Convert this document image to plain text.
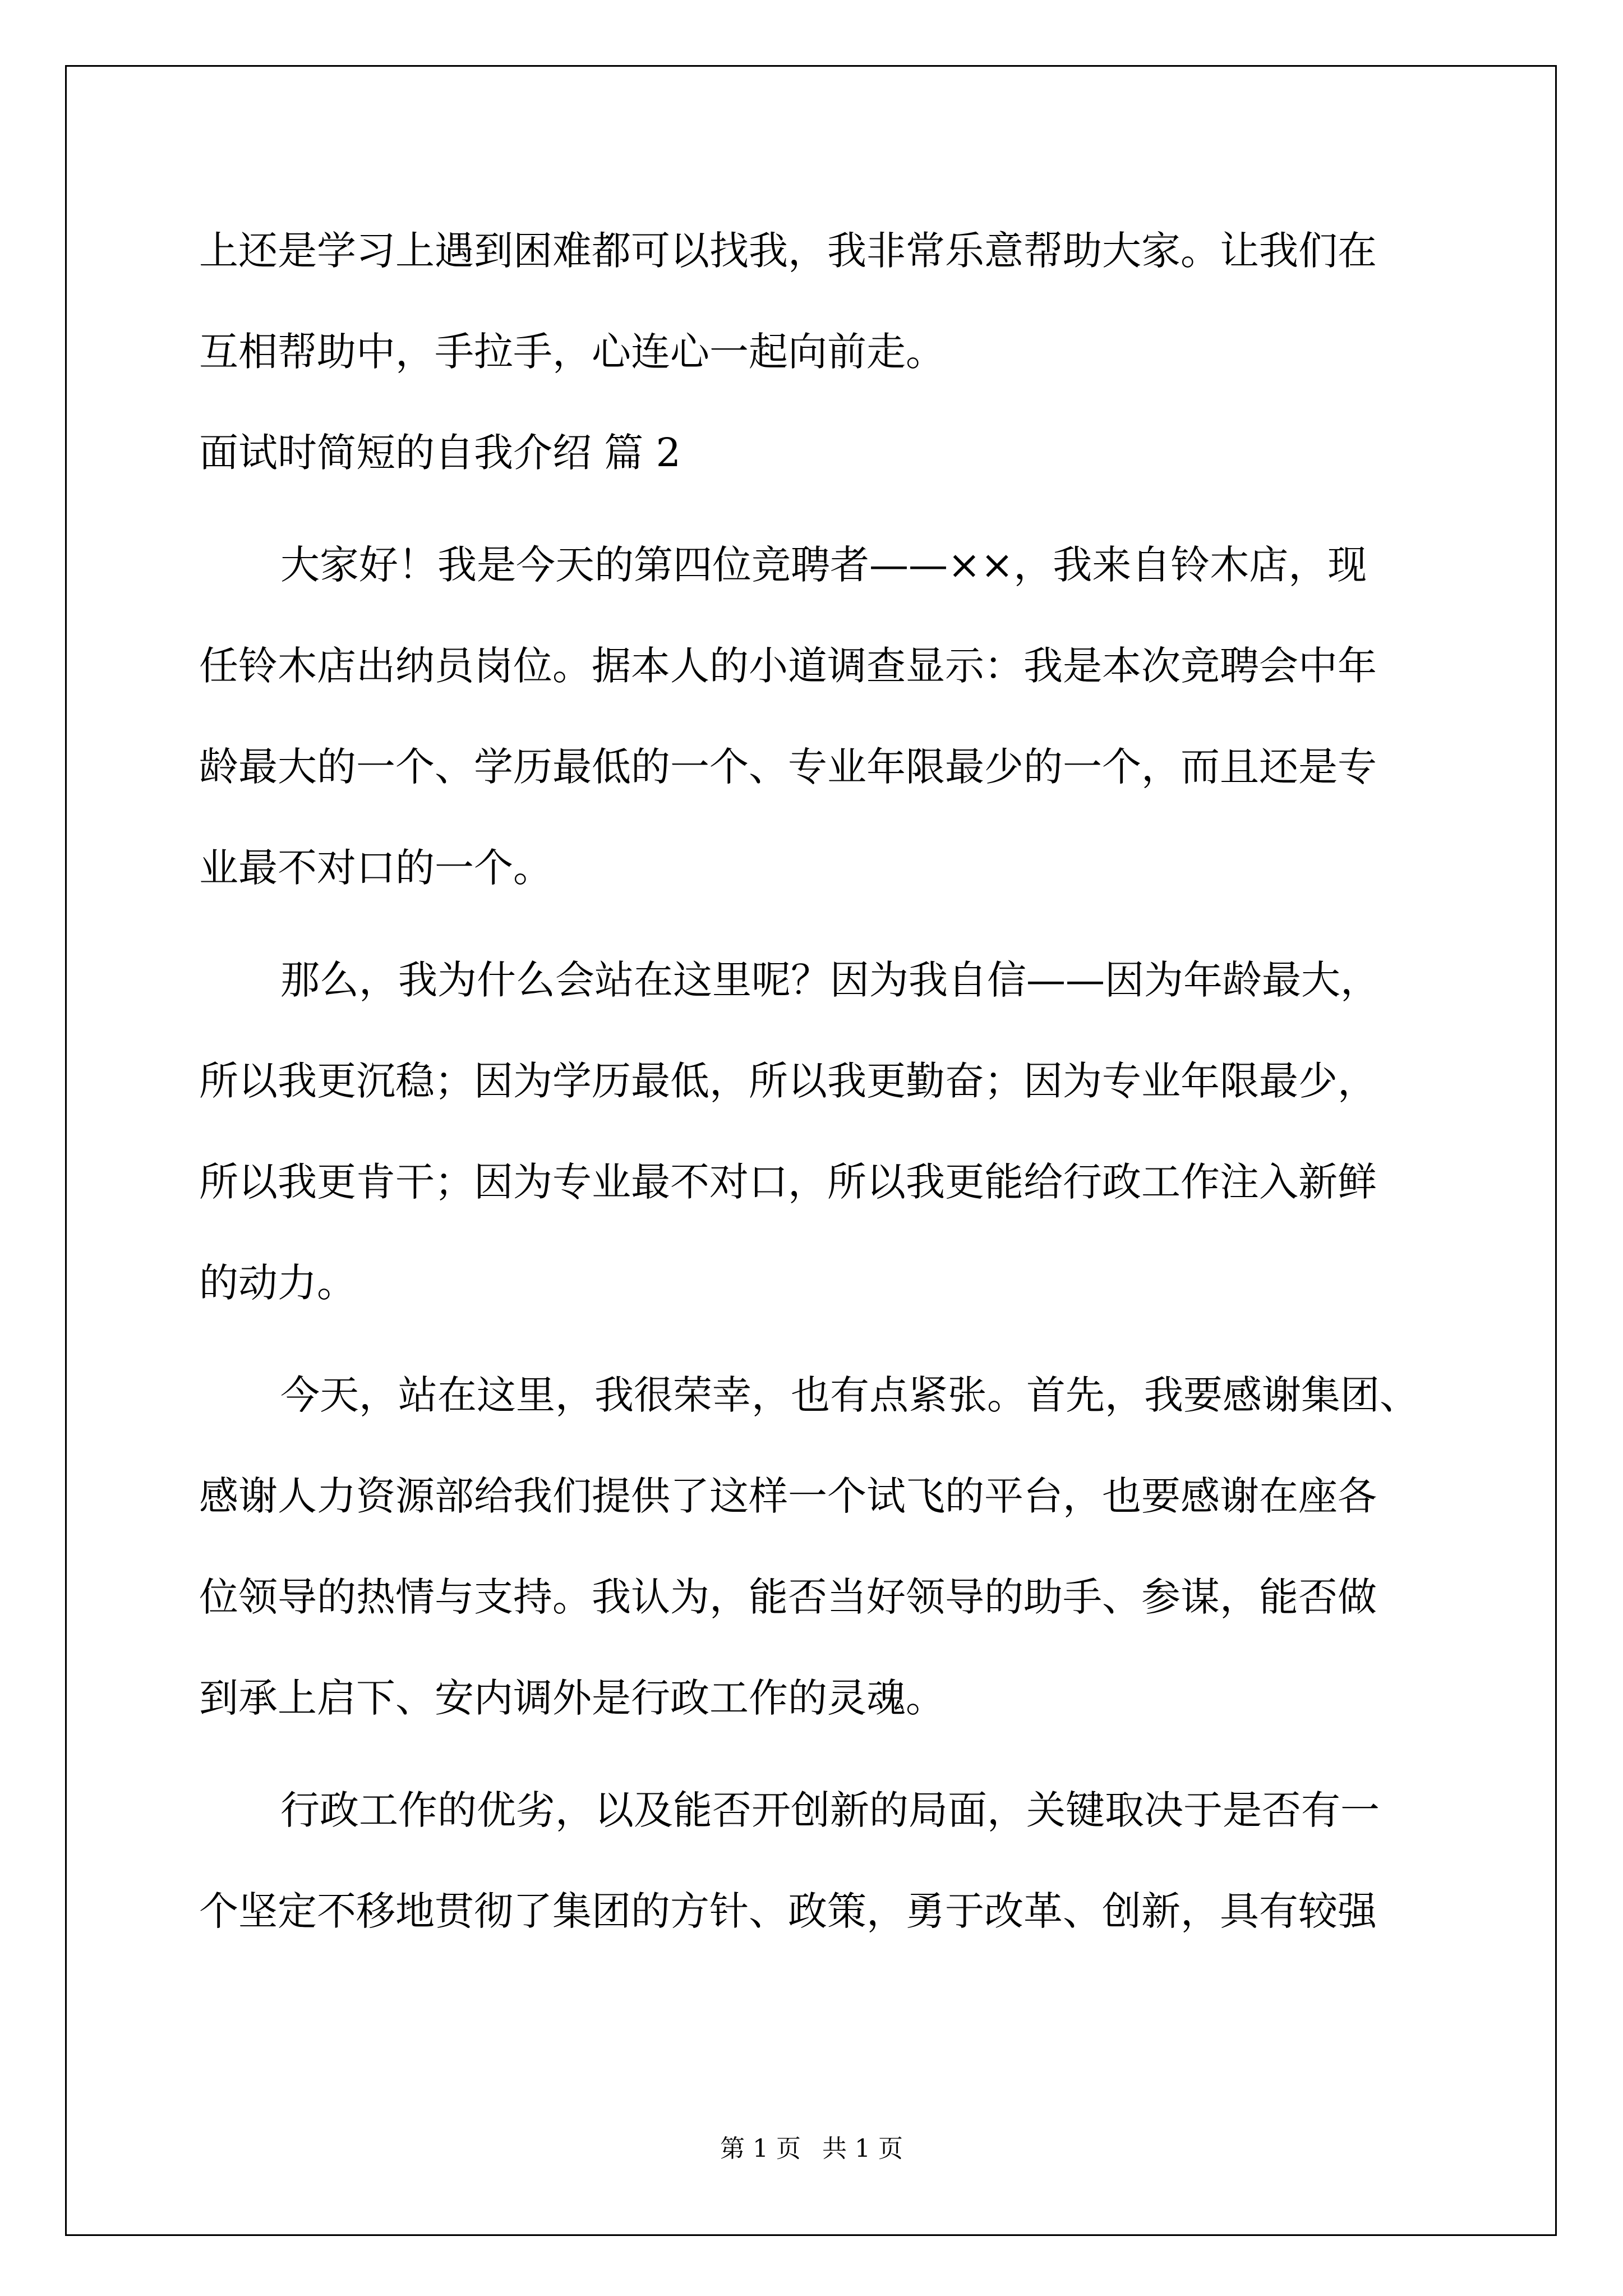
上还是学习上遇到困难都可以找我，我非常乐意帮助大家。让我们在
互相帮助中，手拉手，心连心一起向前走。
面试时简短的自我介绍 篇 2
大家好！我是今天的第四位竞聘者——××，我来自铃木店，现
任铃木店出纳员岗位。据本人的小道调查显示：我是本次竞聘会中年
龄最大的一个、学历最低的一个、专业年限最少的一个，而且还是专
业最不对口的一个。
那么，我为什么会站在这里呢？因为我自信——因为年龄最大，
所以我更沉稳；因为学历最低，所以我更勤奋；因为专业年限最少，
所以我更肯干；因为专业最不对口，所以我更能给行政工作注入新鲜
的动力。
今天，站在这里，我很荣幸，也有点紧张。首先，我要感谢集团、
感谢人力资源部给我们提供了这样一个试飞的平台，也要感谢在座各
位领导的热情与支持。我认为，能否当好领导的助手、参谋，能否做
到承上启下、安内调外是行政工作的灵魂。
行政工作的优劣，以及能否开创新的局面，关键取决于是否有一
个坚定不移地贯彻了集团的方针、政策，勇于改革、创新，具有较强
第 1 页 共 1 页
